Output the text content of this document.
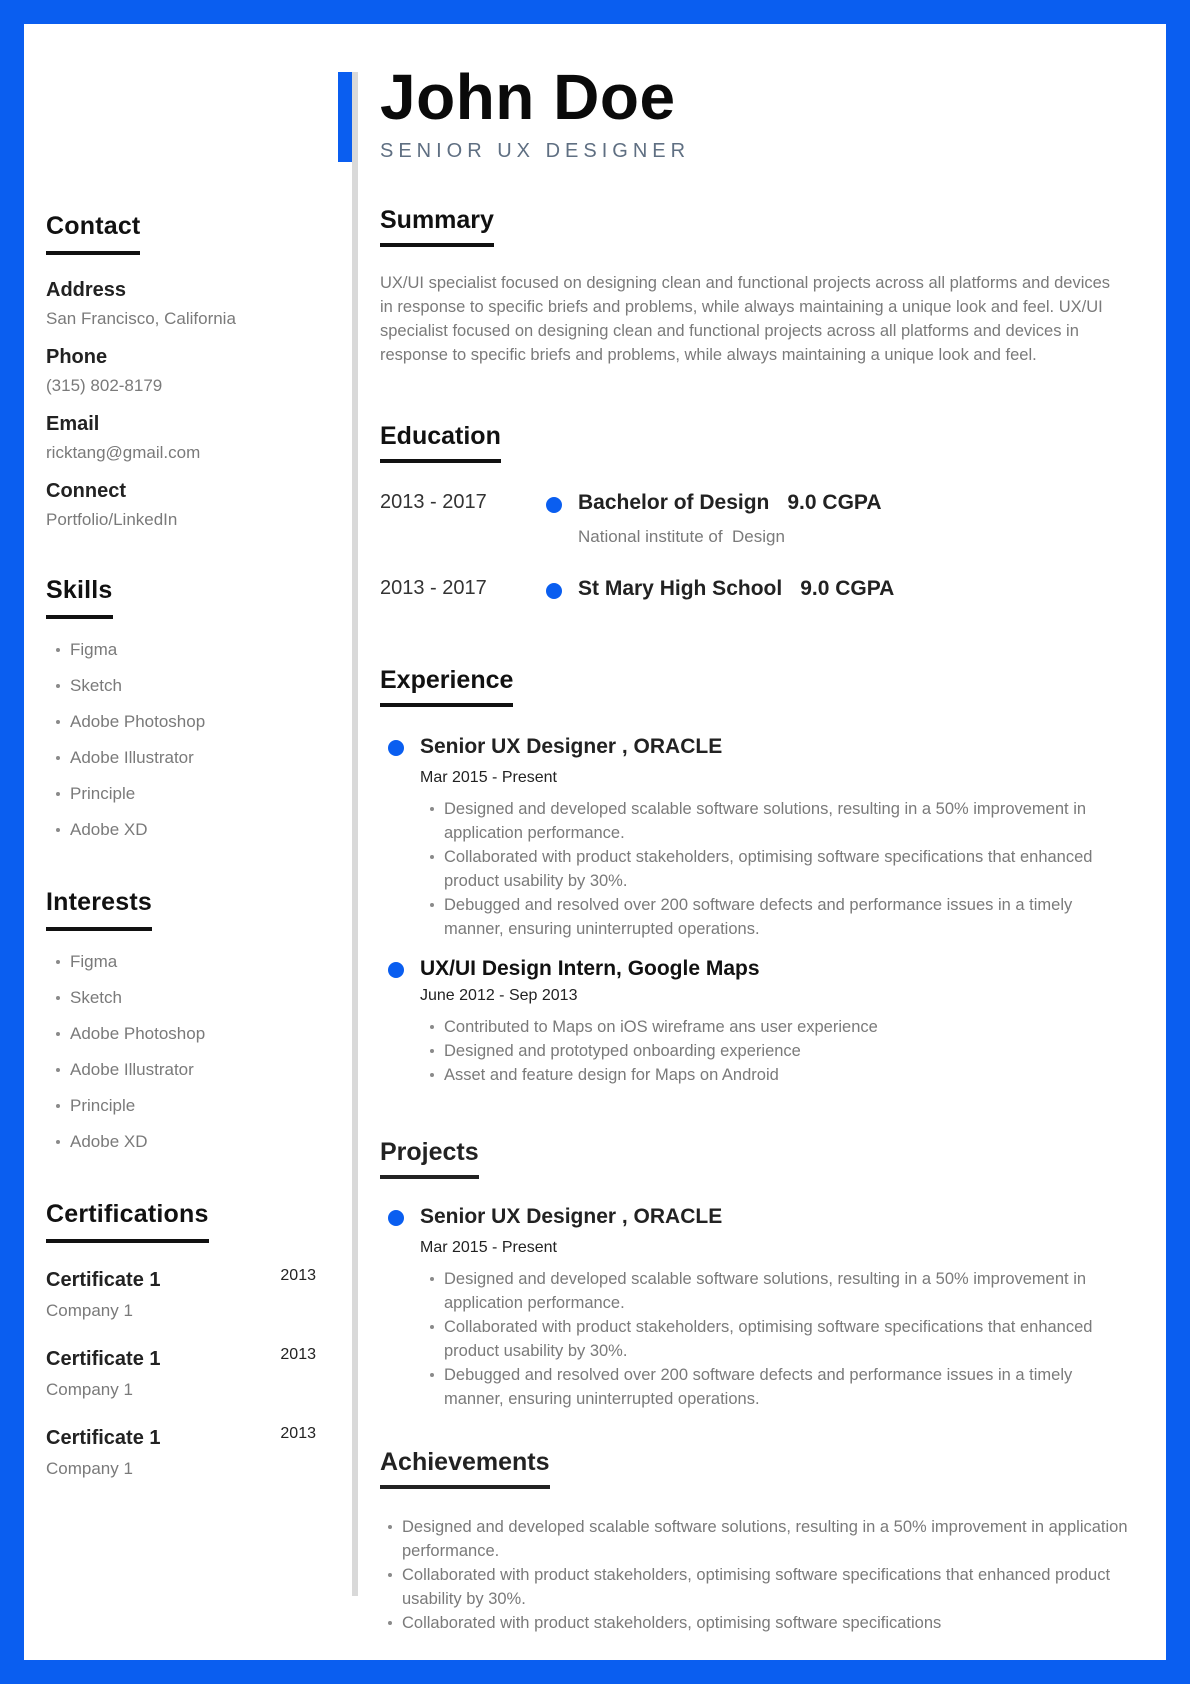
Contact
Address
San Francisco, California
Phone
(315) 802-8179
Email
ricktang@gmail.com
Connect
Portfolio/LinkedIn
Skills
Figma
Sketch
Adobe Photoshop
Adobe Illustrator
Principle
Adobe XD
Interests
Figma
Sketch
Adobe Photoshop
Adobe Illustrator
Principle
Adobe XD
Certifications
Certificate 1	2013
Company 1
Certificate 1	2013
Company 1
Certificate 1	2013
Company 1
John Doe
SENIOR UX DESIGNER
Summary

UX/UI specialist focused on designing clean and functional projects across all platforms and devices in response to specific briefs and problems, while always maintaining a unique look and feel. UX/UI specialist focused on designing clean and functional projects across all platforms and devices in response to specific briefs and problems, while always maintaining a unique look and feel.

Education
2013 - 2017	Bachelor of Design 9.0 CGPA
National institute of  Design
2013 - 2017	St Mary High School 9.0 CGPA
Experience
Senior UX Designer , ORACLE
Mar 2015 - Present
Designed and developed scalable software solutions, resulting in a 50% improvement in application performance.
Collaborated with product stakeholders, optimising software specifications that enhanced product usability by 30%.
Debugged and resolved over 200 software defects and performance issues in a timely manner, ensuring uninterrupted operations.
UX/UI Design Intern, Google Maps
June 2012 - Sep 2013
Contributed to Maps on iOS wireframe ans user experience
Designed and prototyped onboarding experience
Asset and feature design for Maps on Android
Projects
Senior UX Designer , ORACLE
Mar 2015 - Present
Designed and developed scalable software solutions, resulting in a 50% improvement in application performance.
Collaborated with product stakeholders, optimising software specifications that enhanced product usability by 30%.
Debugged and resolved over 200 software defects and performance issues in a timely manner, ensuring uninterrupted operations.
Achievements
Designed and developed scalable software solutions, resulting in a 50% improvement in application performance.
Collaborated with product stakeholders, optimising software specifications that enhanced product usability by 30%.
Collaborated with product stakeholders, optimising software specifications
